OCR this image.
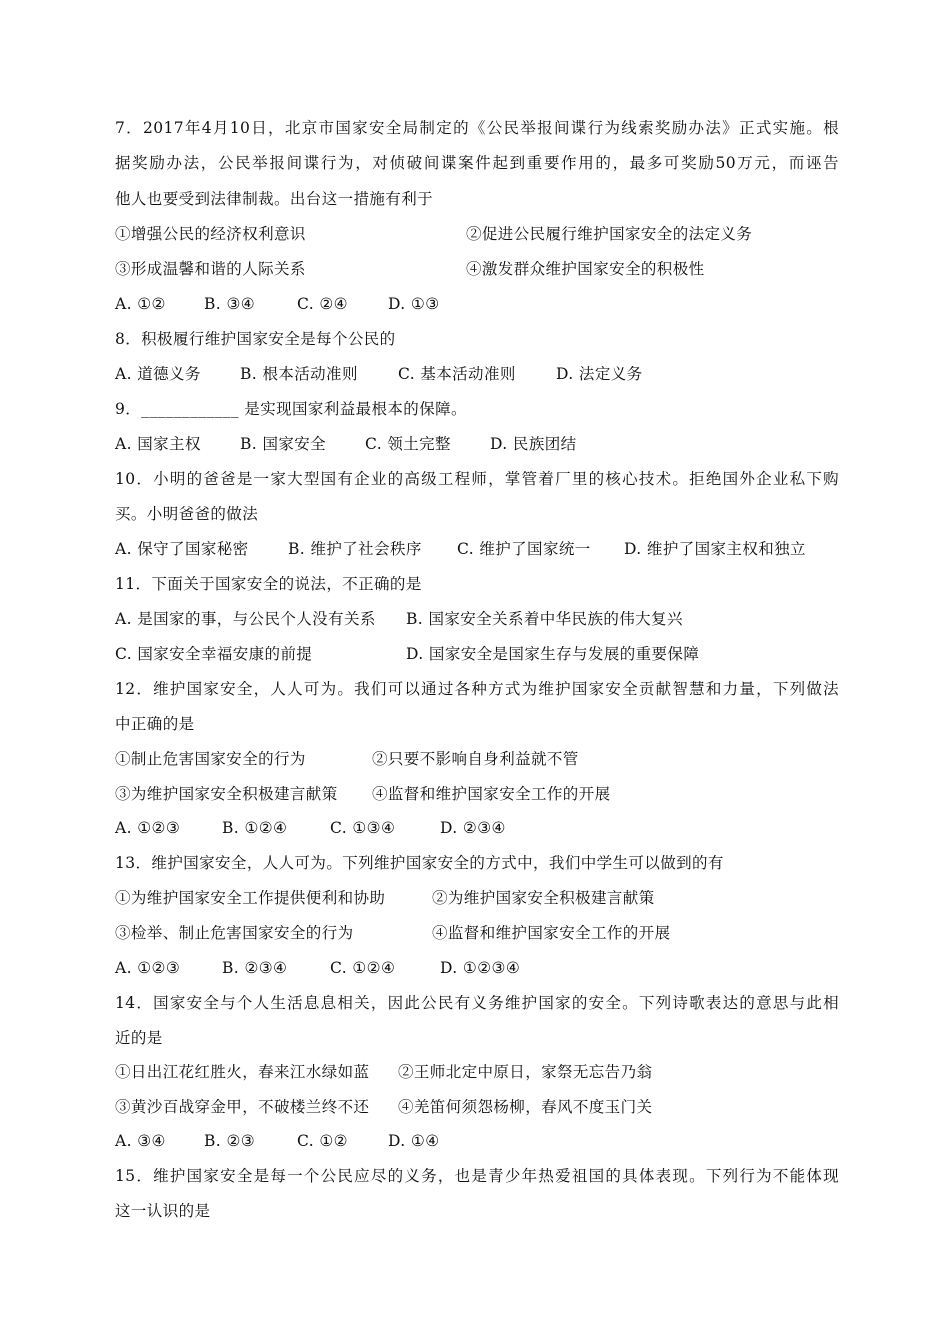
7．2017年4月10日，北京市国家安全局制定的《公民举报间谍行为线索奖励办法》正式实施。根
据奖励办法，公民举报间谍行为，对侦破间谍案件起到重要作用的，最多可奖励50万元，而诬告
他人也要受到法律制裁。出台这一措施有利于
①增强公民的经济权利意识	②促进公民履行维护国家安全的法定义务
③形成温馨和谐的人际关系	④激发群众维护国家安全的积极性
A. ①② B. ③④	C. ②④	D. ①③
8．积极履行维护国家安全是每个公民的
A. 道德义务	B. 根本活动准则	C. 基本活动准则	D. 法定义务
9．____________ 是实现国家利益最根本的保障。
A. 国家主权	B. 国家安全	C. 领土完整	D. 民族团结
10．小明的爸爸是一家大型国有企业的高级工程师，掌管着厂里的核心技术。拒绝国外企业私下购
买。小明爸爸的做法
A. 保守了国家秘密	B. 维护了社会秩序 C. 维护了国家统一 D. 维护了国家主权和独立
11．下面关于国家安全的说法，不正确的是
A. 是国家的事，与公民个人没有关系 B. 国家安全关系着中华民族的伟大复兴
C. 国家安全幸福安康的前提	D. 国家安全是国家生存与发展的重要保障
12．维护国家安全，人人可为。我们可以通过各种方式为维护国家安全贡献智慧和力量，下列做法
中正确的是
①制止危害国家安全的行为	②只要不影响自身利益就不管
③为维护国家安全积极建言献策 ④监督和维护国家安全工作的开展
A. ①②③	B. ①②④	C. ①③④	D. ②③④
13．维护国家安全，人人可为。下列维护国家安全的方式中，我们中学生可以做到的有
①为维护国家安全工作提供便利和协助	②为维护国家安全积极建言献策
③检举、制止危害国家安全的行为	④监督和维护国家安全工作的开展
A. ①②③	B. ②③④	C. ①②④	D. ①②③④
14．国家安全与个人生活息息相关，因此公民有义务维护国家的安全。下列诗歌表达的意思与此相
近的是
①日出江花红胜火，春来江水绿如蓝 ②王师北定中原日，家祭无忘告乃翁
③黄沙百战穿金甲，不破楼兰终不还 ④羌笛何须怨杨柳，春风不度玉门关
A. ③④ B. ②③	C. ①②	D. ①④
15．维护国家安全是每一个公民应尽的义务，也是青少年热爱祖国的具体表现。下列行为不能体现
这一认识的是
